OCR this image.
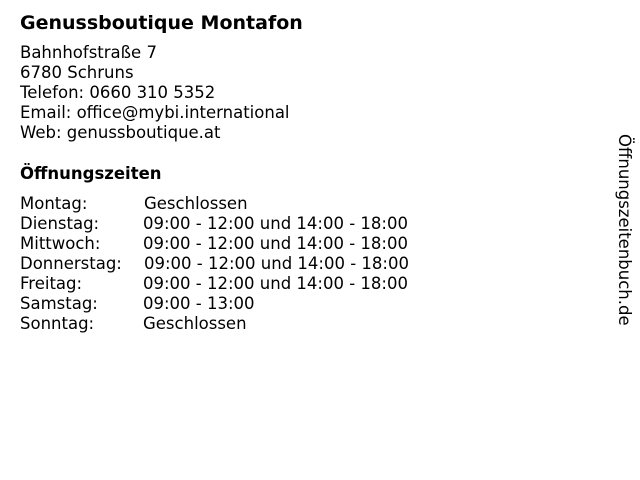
Genussboutique Montafon
Bahnhofstraße 7
6780 Schruns
Telefon: 0660 310 5352
Email: office@mybi.international
Web: genussboutique.at
Öffnungszeiten
Montag:	Geschlossen
Dienstag:	09:00 - 12:00 und 14:00 - 18:00
Mittwoch:	09:00 - 12:00 und 14:00 - 18:00
Donnerstag: 09:00 - 12:00 und 14:00 - 18:00
Freitag:	09:00 - 12:00 und 14:00 - 18:00
Samstag:	09:00 - 13:00
Sonntag:	Geschlossen	Öffnungszeitenbuch.de
